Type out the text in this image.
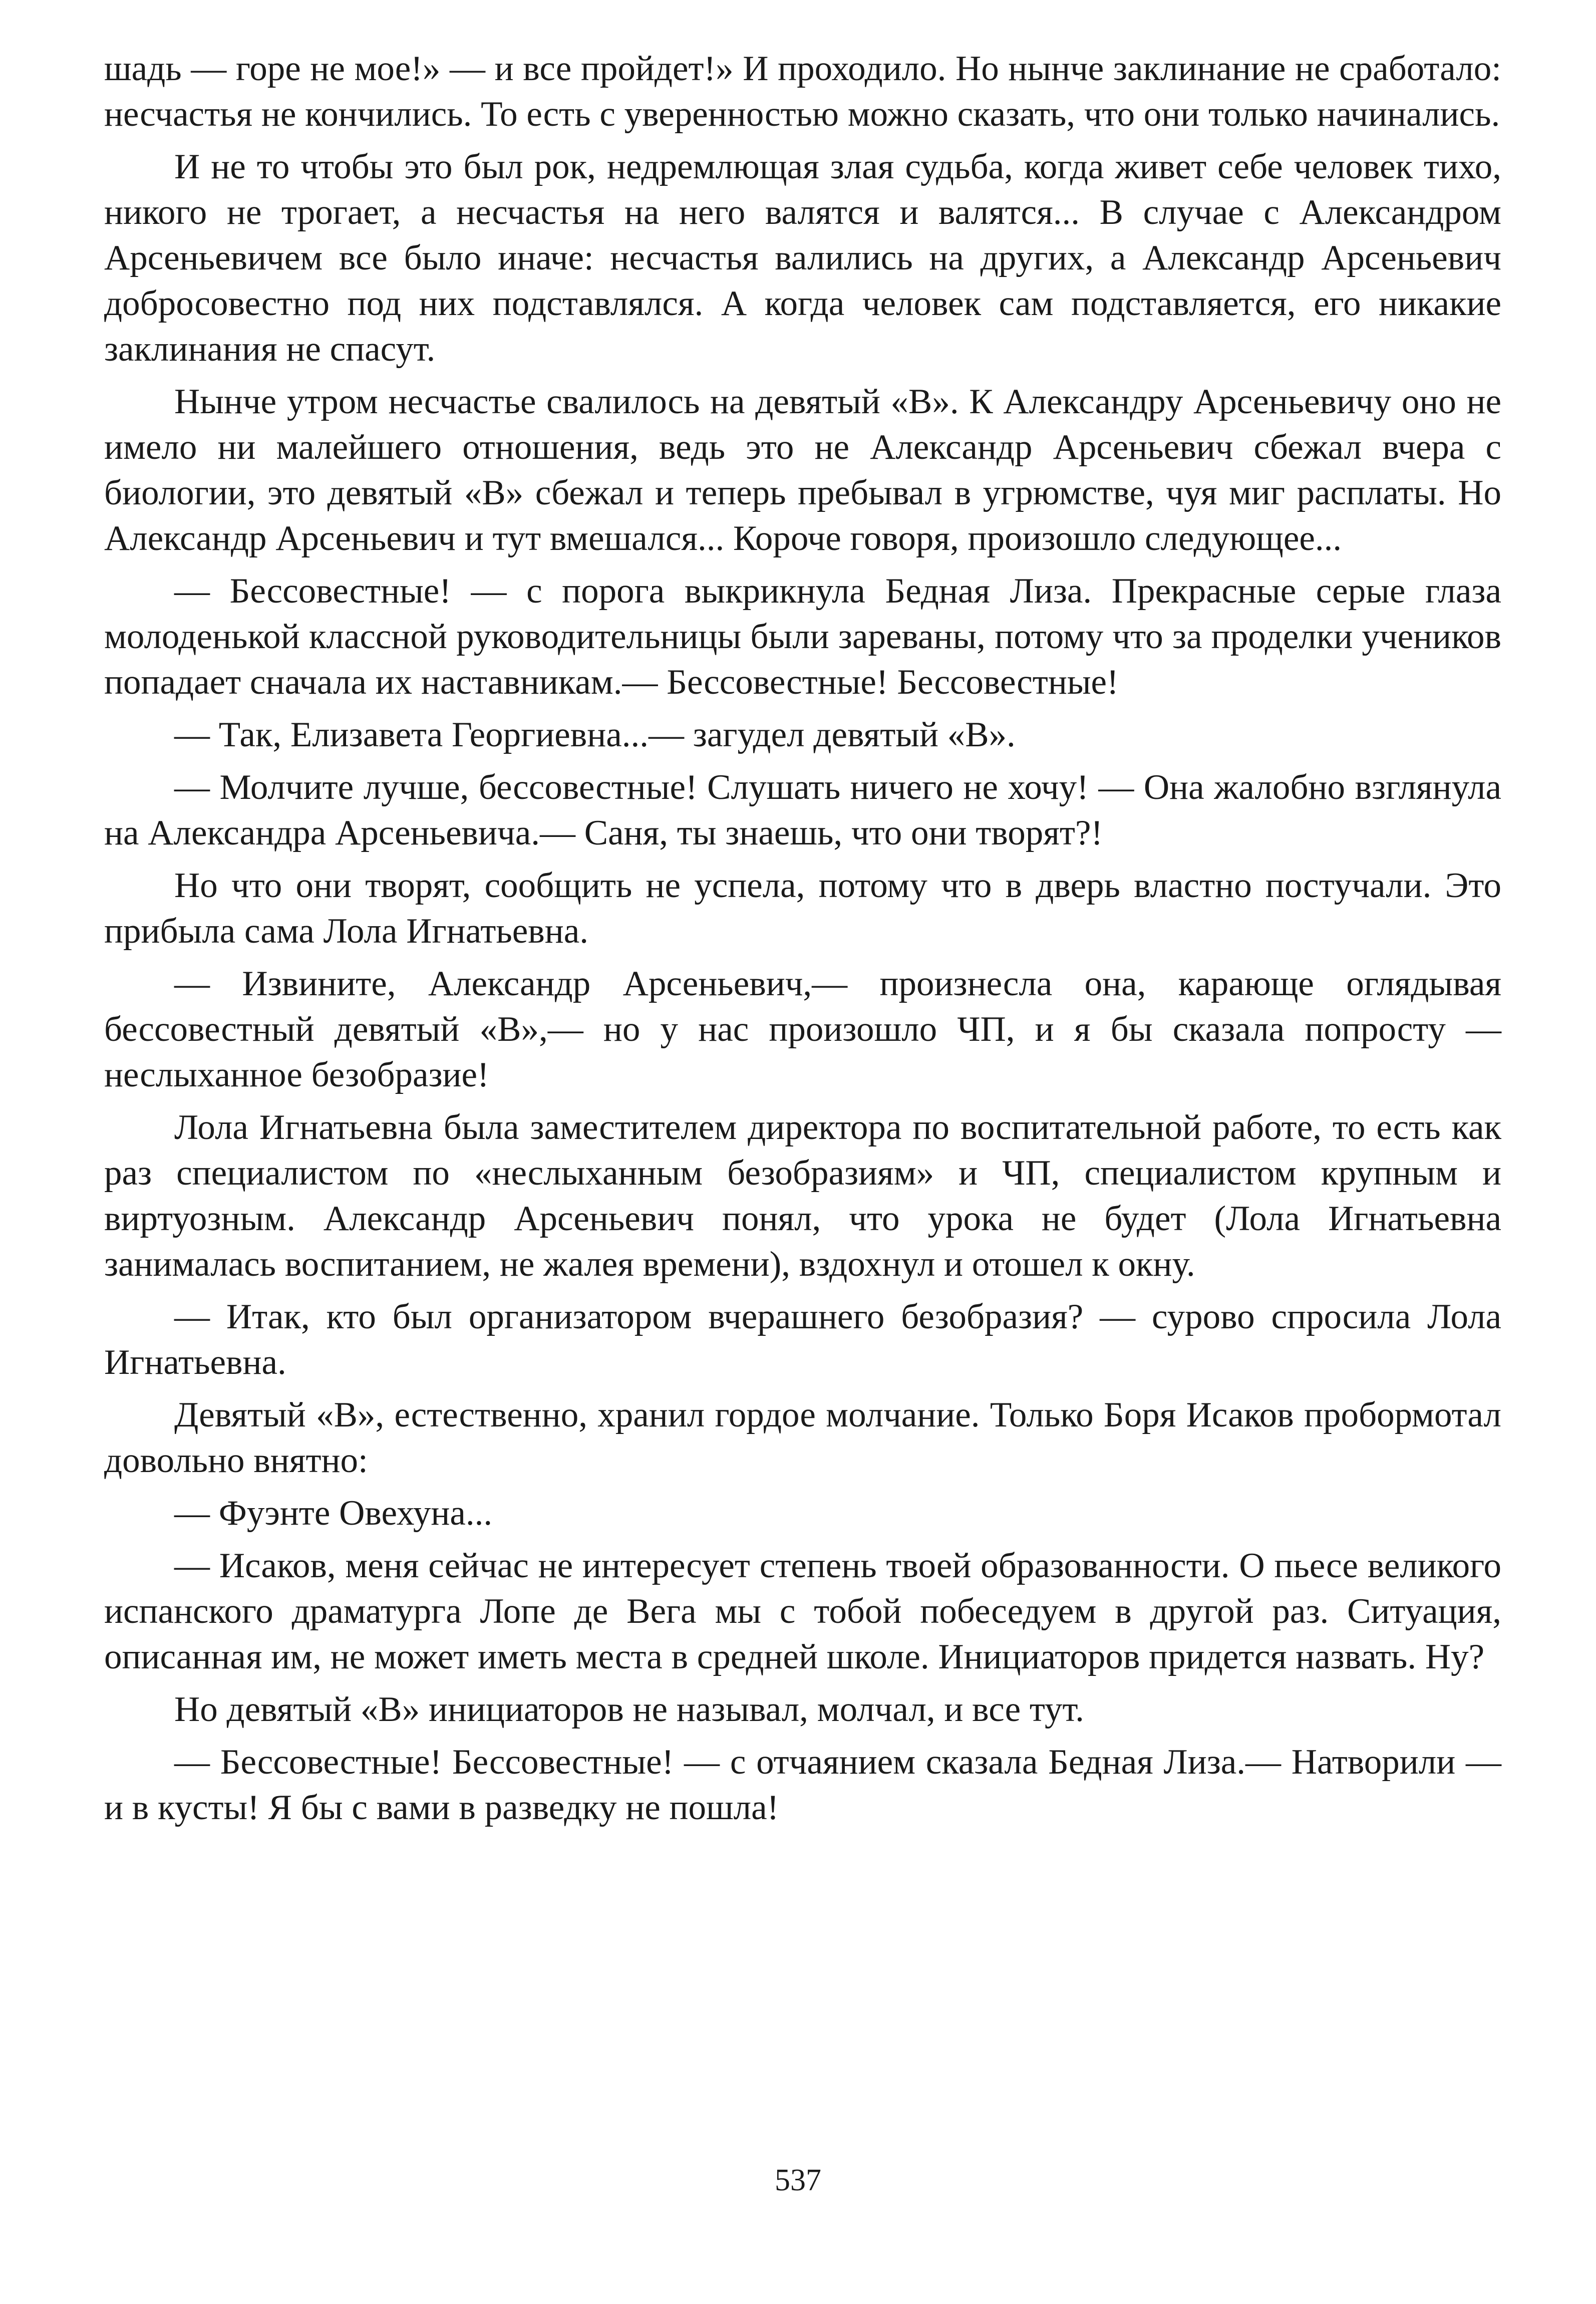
шадь — горе не мое!» — и все пройдет!» И проходило. Но нынче заклинание не сработало: несчастья не кончились. То есть с уверенностью можно сказать, что они только начинались.

И не то чтобы это был рок, недремлющая злая судьба, когда живет себе человек тихо, никого не трогает, а несчастья на него валятся и валятся... В случае с Александром Арсеньевичем все было иначе: несчастья валились на других, а Александр Арсеньевич добросовестно под них подставлялся. А когда человек сам подставляется, его никакие заклинания не спасут.

Нынче утром несчастье свалилось на девятый «В». К Александру Арсеньевичу оно не имело ни малейшего отношения, ведь это не Александр Арсеньевич сбежал вчера с биологии, это девятый «В» сбежал и теперь пребывал в угрюмстве, чуя миг расплаты. Но Александр Арсеньевич и тут вмешался... Короче говоря, произошло следующее...

— Бессовестные! — с порога выкрикнула Бедная Лиза. Прекрасные серые глаза молоденькой классной руководительницы были зареваны, потому что за проделки учеников попадает сначала их наставникам.— Бессовестные! Бессовестные!

— Так, Елизавета Георгиевна...— загудел девятый «В».

— Молчите лучше, бессовестные! Слушать ничего не хочу! — Она жалобно взглянула на Александра Арсеньевича.— Саня, ты знаешь, что они творят?!

Но что они творят, сообщить не успела, потому что в дверь властно постучали. Это прибыла сама Лола Игнатьевна.

— Извините, Александр Арсеньевич,— произнесла она, карающе оглядывая бессовестный девятый «В»,— но у нас произошло ЧП, и я бы сказала попросту — неслыханное безобразие!

Лола Игнатьевна была заместителем директора по воспитательной работе, то есть как раз специалистом по «неслыханным безобразиям» и ЧП, специалистом крупным и виртуозным. Александр Арсеньевич понял, что урока не будет (Лола Игнатьевна занималась воспитанием, не жалея времени), вздохнул и отошел к окну.

— Итак, кто был организатором вчерашнего безобразия? — сурово спросила Лола Игнатьевна.

Девятый «В», естественно, хранил гордое молчание. Только Боря Исаков пробормотал довольно внятно:

— Фуэнте Овехуна...

— Исаков, меня сейчас не интересует степень твоей образованности. О пьесе великого испанского драматурга Лопе де Вега мы с тобой побеседуем в другой раз. Ситуация, описанная им, не может иметь места в средней школе. Инициаторов придется назвать. Ну?

Но девятый «В» инициаторов не называл, молчал, и все тут.

— Бессовестные! Бессовестные! — с отчаянием сказала Бедная Лиза.— Натворили — и в кусты! Я бы с вами в разведку не пошла!

537
